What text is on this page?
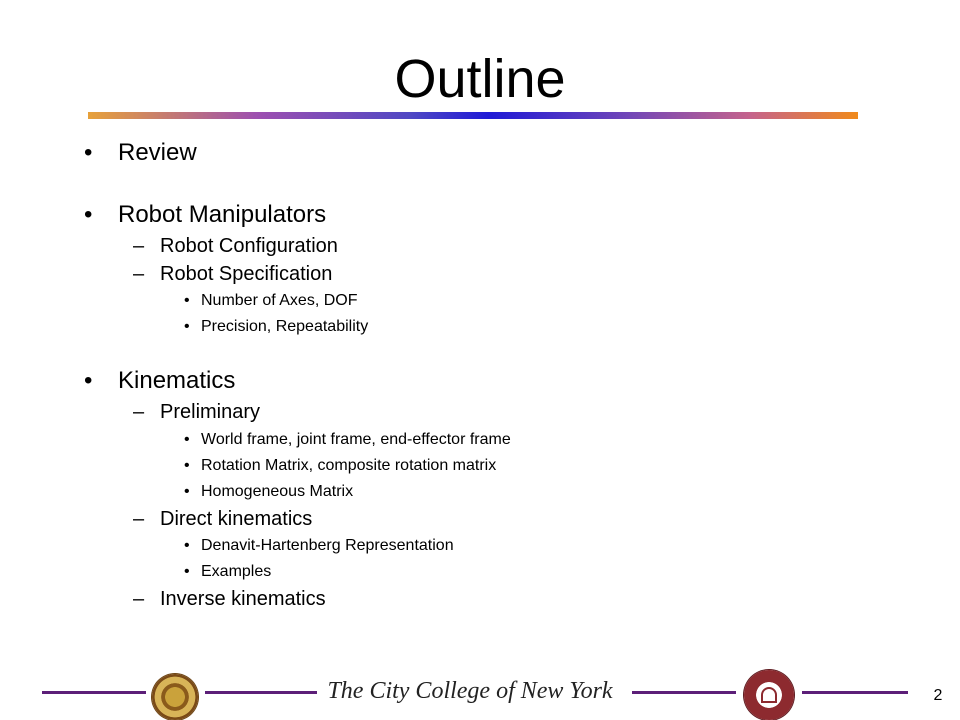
Outline
• Review
• Robot Manipulators
– Robot Configuration
– Robot Specification
• Number of Axes, DOF
• Precision, Repeatability
• Kinematics
– Preliminary
• World frame, joint frame, end-effector frame
• Rotation Matrix, composite rotation matrix
• Homogeneous Matrix
– Direct kinematics
• Denavit-Hartenberg Representation
• Examples
– Inverse kinematics
The City College of New York	2
